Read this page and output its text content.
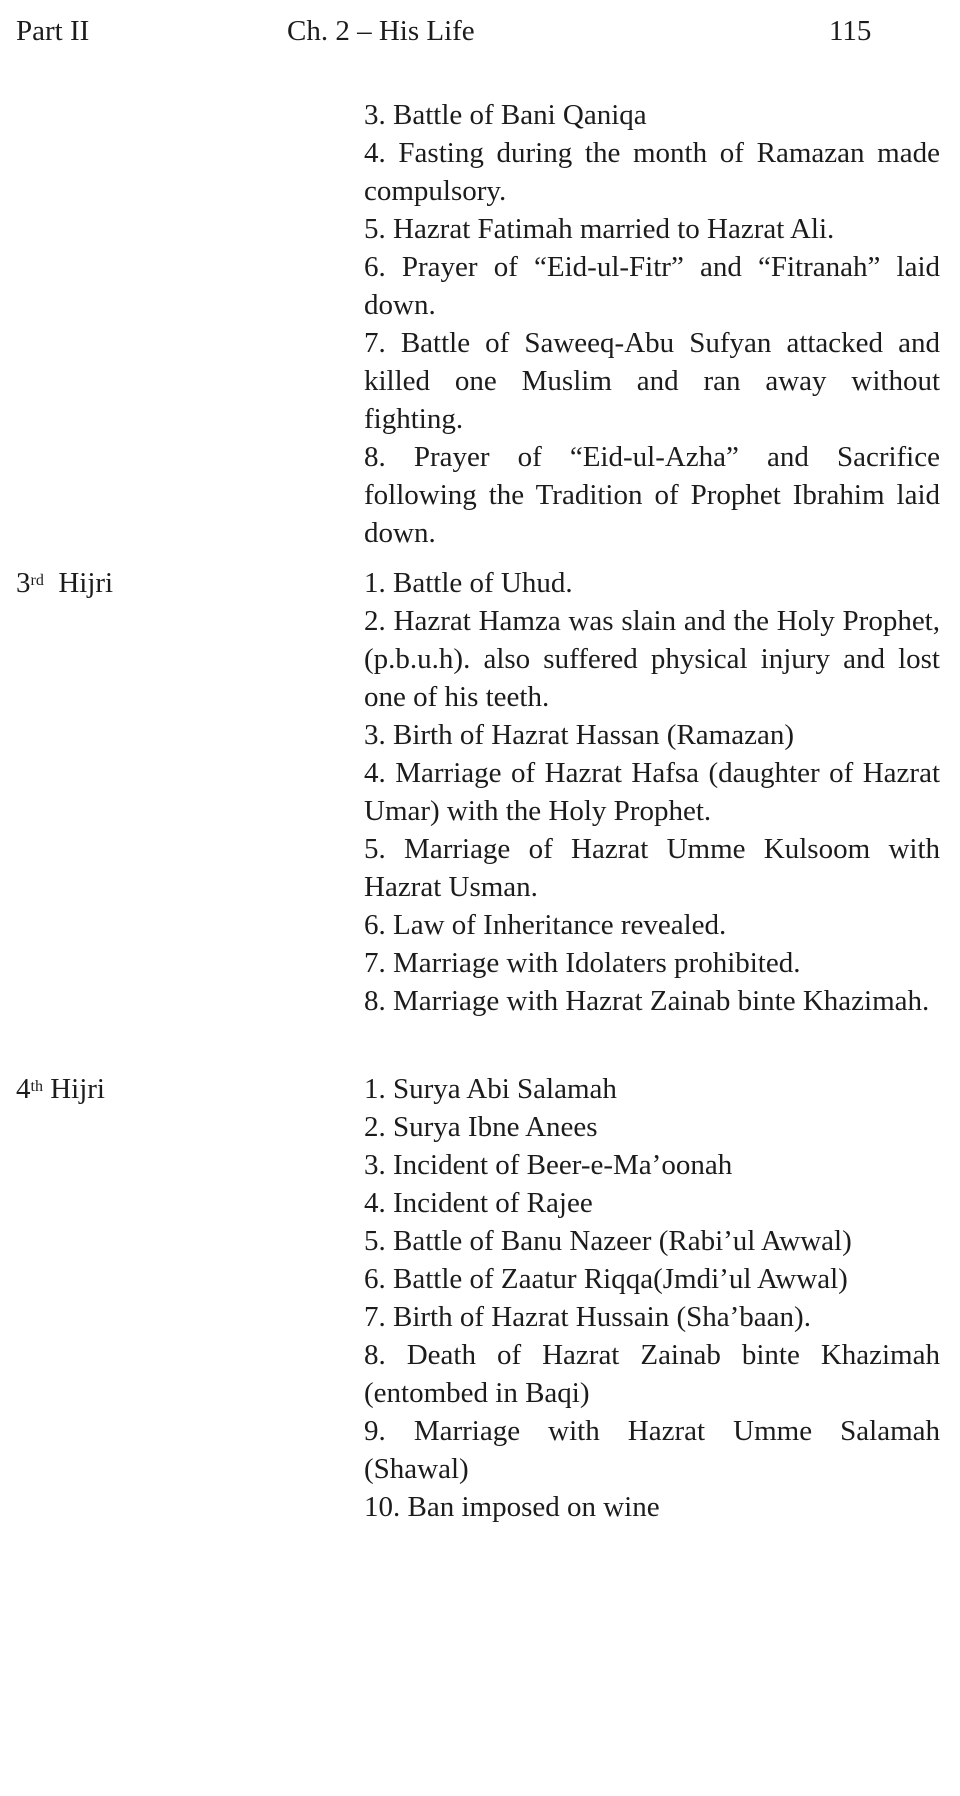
Part II	Ch. 2 – His Life	115
3. Battle of Bani Qaniqa
4. Fasting during the month of Ramazan made compulsory.
5. Hazrat Fatimah married to Hazrat Ali.
6. Prayer of “Eid-ul-Fitr” and “Fitranah” laid down.
7. Battle of Saweeq-Abu Sufyan attacked and killed one Muslim and ran away without fighting.
8. Prayer of “Eid-ul-Azha” and Sacrifice following the Tradition of Prophet Ibrahim laid down.
3rd Hijri	1. Battle of Uhud.
2. Hazrat Hamza was slain and the Holy Prophet, (p.b.u.h). also suffered physical injury and lost one of his teeth.
3. Birth of Hazrat Hassan (Ramazan)
4. Marriage of Hazrat Hafsa (daughter of Hazrat Umar) with the Holy Prophet.
5. Marriage of Hazrat Umme Kulsoom with Hazrat Usman.
6. Law of Inheritance revealed.
7. Marriage with Idolaters prohibited.
8. Marriage with Hazrat Zainab binte Khazimah.
4th Hijri	1. Surya Abi Salamah
2. Surya Ibne Anees
3. Incident of Beer-e-Ma’oonah
4. Incident of Rajee
5. Battle of Banu Nazeer (Rabi’ul Awwal)
6. Battle of Zaatur Riqqa(Jmdi’ul Awwal)
7. Birth of Hazrat Hussain (Sha’baan).
8. Death of Hazrat Zainab binte Khazimah (entombed in Baqi)
9. Marriage with Hazrat Umme Salamah (Shawal)
10. Ban imposed on wine
